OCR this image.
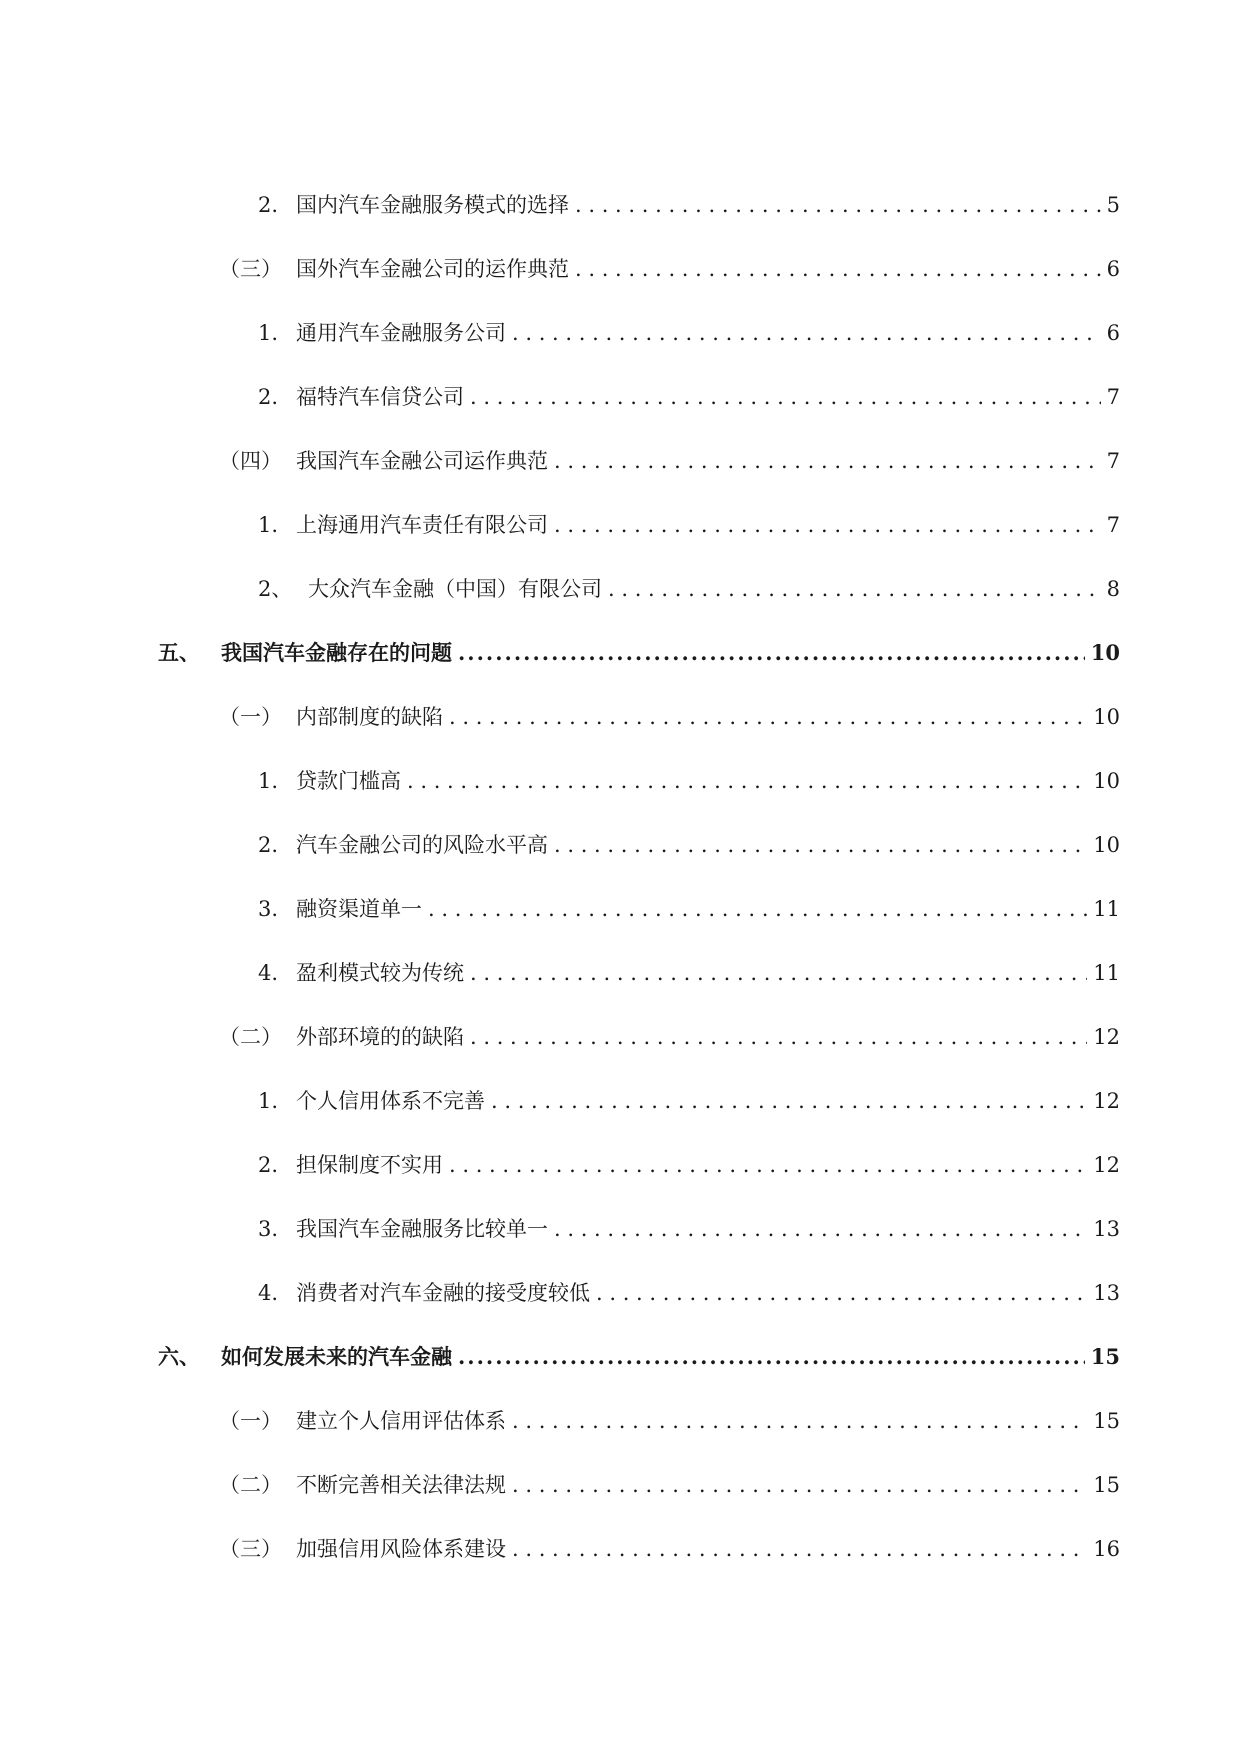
2. 国内汽车金融服务模式的选择 . . .	5
（三） 国外汽车金融公司的运作典范 . . .	6
1. 通用汽车金融服务公司 . . .	6
2. 福特汽车信贷公司 . . .	7
（四） 我国汽车金融公司运作典范 . . .	7
1. 上海通用汽车责任有限公司 . . .	7
2、 大众汽车金融（中国）有限公司 . . .	8
五、	我国汽车金融存在的问题 .....	10
（一） 内部制度的缺陷 . . .	10
1. 贷款门槛高 . . .	10
2. 汽车金融公司的风险水平高 . . .	10
3. 融资渠道单一 . . .	11
4. 盈利模式较为传统 . . .	11
（二） 外部环境的的缺陷 . . .	12
1. 个人信用体系不完善 . . .	12
2. 担保制度不实用 . . .	12
3. 我国汽车金融服务比较单一 . . .	13
4. 消费者对汽车金融的接受度较低 . . .	13
六、	如何发展未来的汽车金融 .....	15
（一） 建立个人信用评估体系 . . .	15
（二） 不断完善相关法律法规 . . .	15
（三） 加强信用风险体系建设 . . .	16
